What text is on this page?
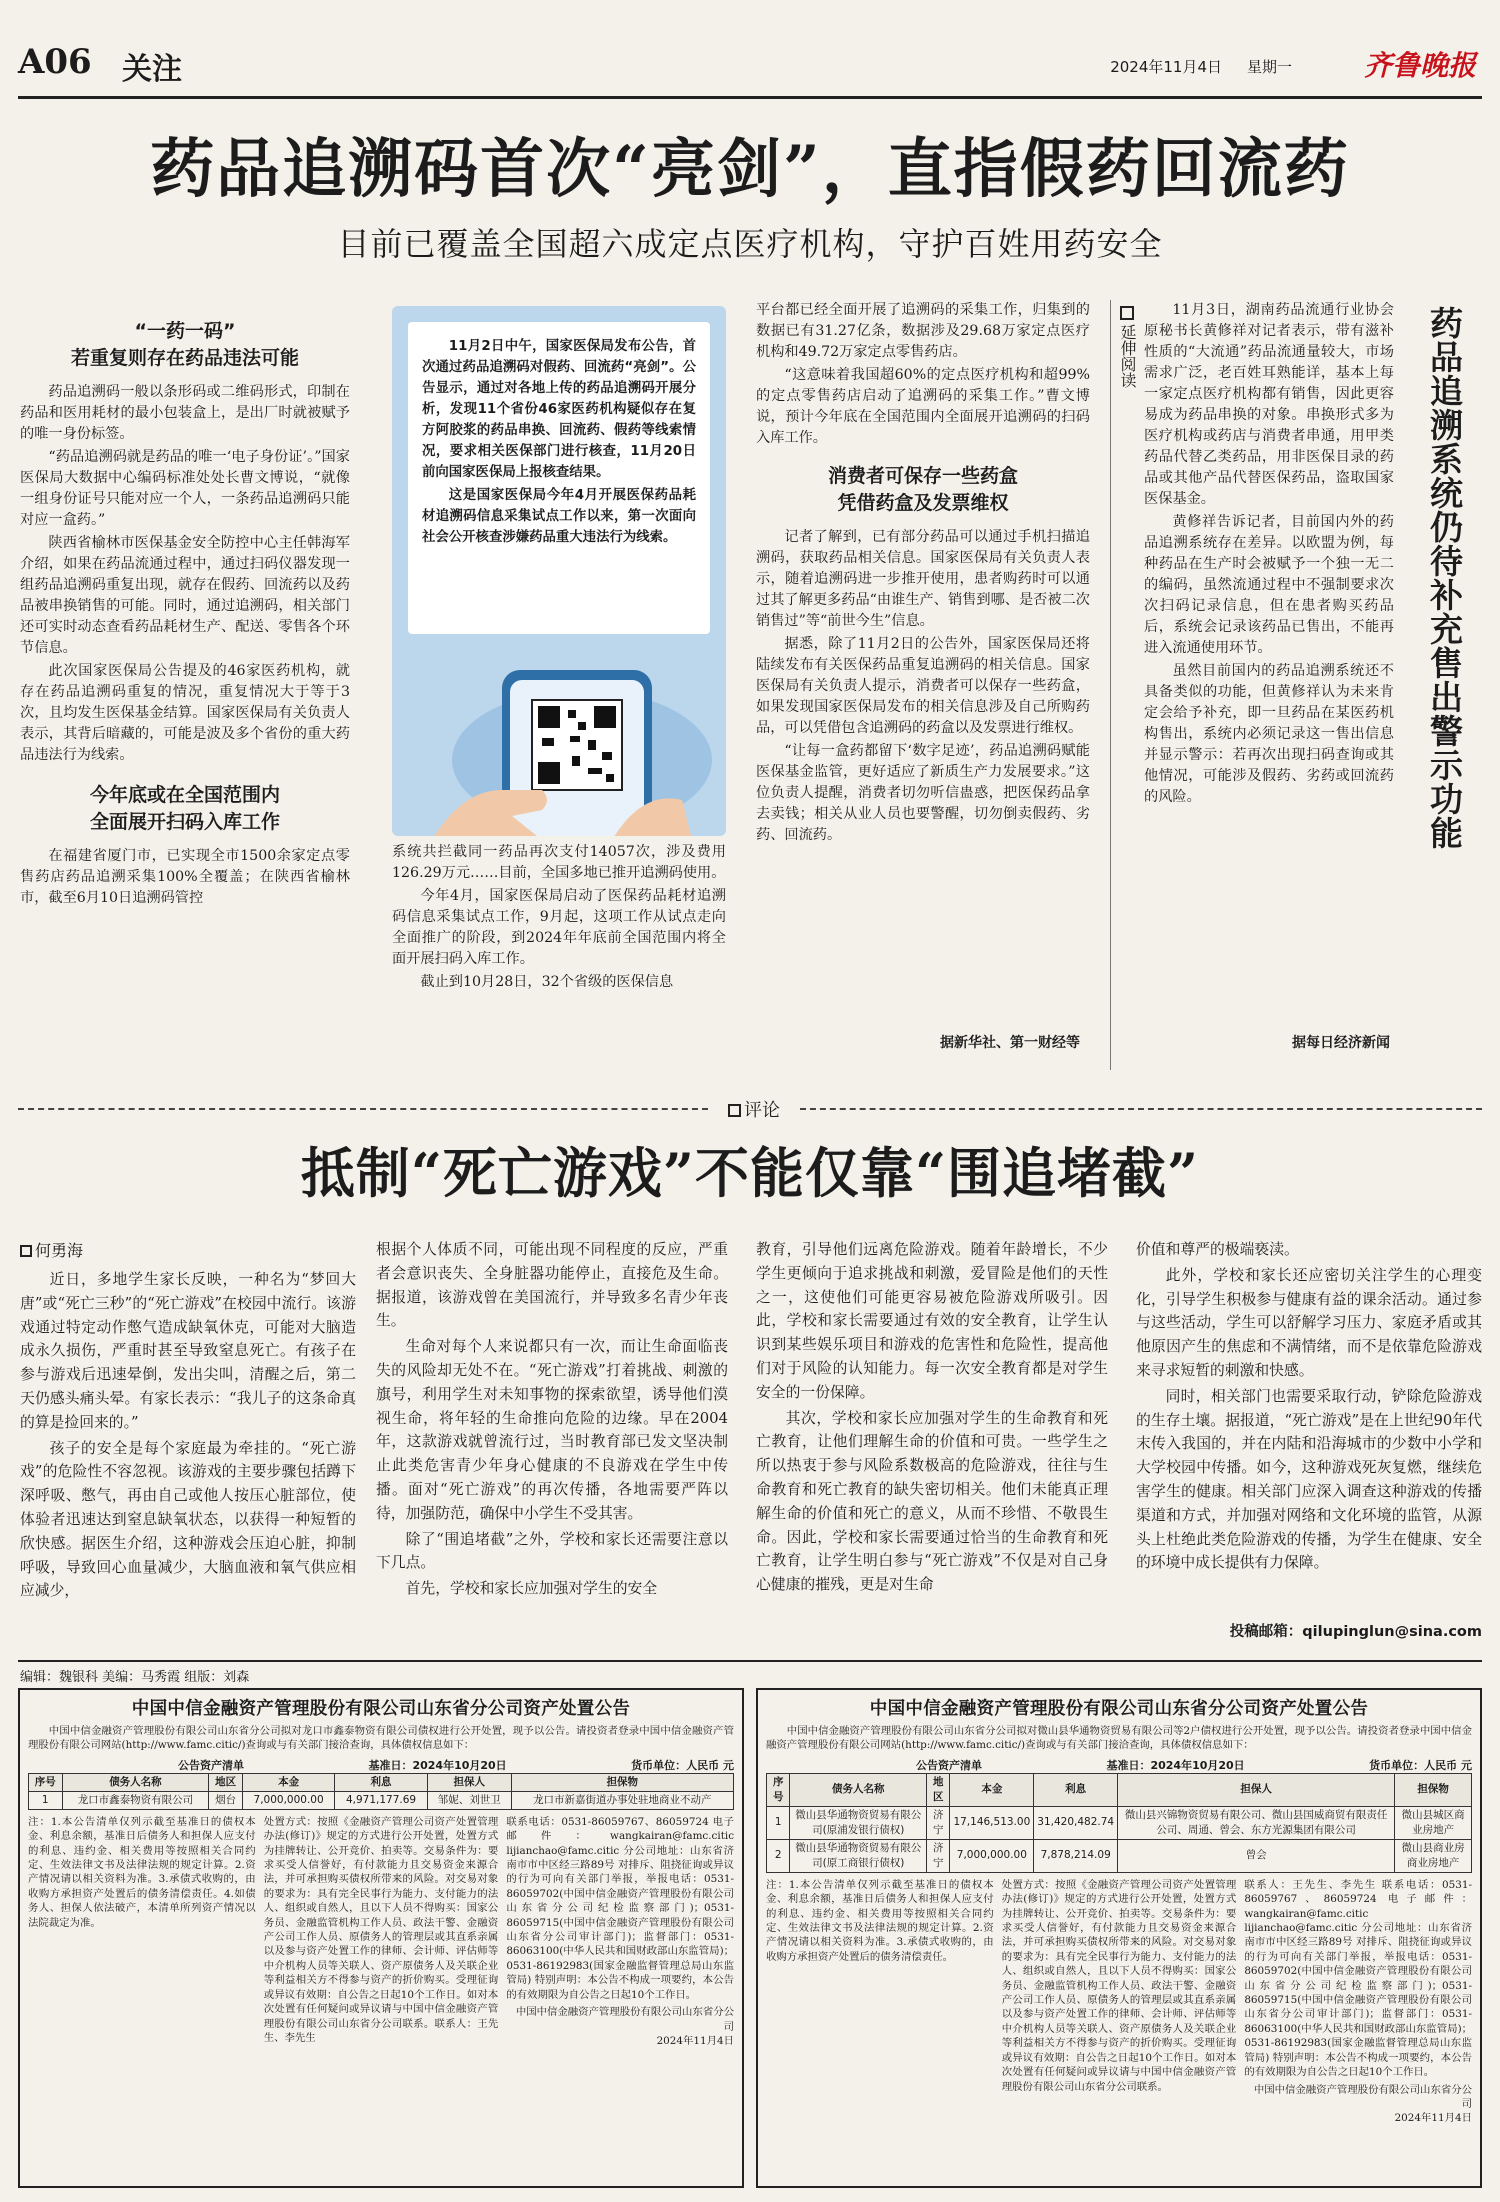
A06 关注	2024年11月4日 星期一	齐鲁晚报
药品追溯码首次“亮剑”，直指假药回流药
目前已覆盖全国超六成定点医疗机构，守护百姓用药安全
“一药一码”
若重复则存在药品违法可能

药品追溯码一般以条形码或二维码形式，印制在药品和医用耗材的最小包装盒上，是出厂时就被赋予的唯一身份标签。

“药品追溯码就是药品的唯一‘电子身份证’。”国家医保局大数据中心编码标准处处长曹文博说，“就像一组身份证号只能对应一个人，一条药品追溯码只能对应一盒药。”

陕西省榆林市医保基金安全防控中心主任韩海军介绍，如果在药品流通过程中，通过扫码仪器发现一组药品追溯码重复出现，就存在假药、回流药以及药品被串换销售的可能。同时，通过追溯码，相关部门还可实时动态查看药品耗材生产、配送、零售各个环节信息。

此次国家医保局公告提及的46家医药机构，就存在药品追溯码重复的情况，重复情况大于等于3次，且均发生医保基金结算。国家医保局有关负责人表示，其背后暗藏的，可能是波及多个省份的重大药品违法行为线索。

今年底或在全国范围内
全面展开扫码入库工作

在福建省厦门市，已实现全市1500余家定点零售药店药品追溯采集100%全覆盖；在陕西省榆林市，截至6月10日追溯码管控

11月2日中午，国家医保局发布公告，首次通过药品追溯码对假药、回流药“亮剑”。公告显示，通过对各地上传的药品追溯码开展分析，发现11个省份46家医药机构疑似存在复方阿胶浆的药品串换、回流药、假药等线索情况，要求相关医保部门进行核查，11月20日前向国家医保局上报核查结果。

这是国家医保局今年4月开展医保药品耗材追溯码信息采集试点工作以来，第一次面向社会公开核查涉嫌药品重大违法行为线索。

系统共拦截同一药品再次支付14057次，涉及费用126.29万元……目前，全国多地已推开追溯码使用。

今年4月，国家医保局启动了医保药品耗材追溯码信息采集试点工作，9月起，这项工作从试点走向全面推广的阶段，到2024年年底前全国范围内将全面开展扫码入库工作。

截止到10月28日，32个省级的医保信息

平台都已经全面开展了追溯码的采集工作，归集到的数据已有31.27亿条，数据涉及29.68万家定点医疗机构和49.72万家定点零售药店。

“这意味着我国超60%的定点医疗机构和超99%的定点零售药店启动了追溯码的采集工作。”曹文博说，预计今年底在全国范围内全面展开追溯码的扫码入库工作。

消费者可保存一些药盒
凭借药盒及发票维权

记者了解到，已有部分药品可以通过手机扫描追溯码，获取药品相关信息。国家医保局有关负责人表示，随着追溯码进一步推开使用，患者购药时可以通过其了解更多药品“由谁生产、销售到哪、是否被二次销售过”等“前世今生”信息。

据悉，除了11月2日的公告外，国家医保局还将陆续发布有关医保药品重复追溯码的相关信息。国家医保局有关负责人提示，消费者可以保存一些药盒，如果发现国家医保局发布的相关信息涉及自己所购药品，可以凭借包含追溯码的药盒以及发票进行维权。

“让每一盒药都留下‘数字足迹’，药品追溯码赋能医保基金监管，更好适应了新质生产力发展要求。”这位负责人提醒，消费者切勿听信蛊惑，把医保药品拿去卖钱；相关从业人员也要警醒，切勿倒卖假药、劣药、回流药。

据新华社、第一财经等
延伸阅读

11月3日，湖南药品流通行业协会原秘书长黄修祥对记者表示，带有滋补性质的“大流通”药品流通量较大，市场需求广泛，老百姓耳熟能详，基本上每一家定点医疗机构都有销售，因此更容易成为药品串换的对象。串换形式多为医疗机构或药店与消费者串通，用甲类药品代替乙类药品，用非医保目录的药品或其他产品代替医保药品，盗取国家医保基金。

黄修祥告诉记者，目前国内外的药品追溯系统存在差异。以欧盟为例，每种药品在生产时会被赋予一个独一无二的编码，虽然流通过程中不强制要求次次扫码记录信息，但在患者购买药品后，系统会记录该药品已售出，不能再进入流通使用环节。

虽然目前国内的药品追溯系统还不具备类似的功能，但黄修祥认为未来肯定会给予补充，即一旦药品在某医药机构售出，系统内必须记录这一售出信息并显示警示：若再次出现扫码查询或其他情况，可能涉及假药、劣药或回流药的风险。

据每日经济新闻
药品追溯系统仍待补充售出警示功能
评论
抵制“死亡游戏”不能仅靠“围追堵截”
何勇海

近日，多地学生家长反映，一种名为“梦回大唐”或“死亡三秒”的“死亡游戏”在校园中流行。该游戏通过特定动作憋气造成缺氧休克，可能对大脑造成永久损伤，严重时甚至导致窒息死亡。有孩子在参与游戏后迅速晕倒，发出尖叫，清醒之后，第二天仍感头痛头晕。有家长表示：“我儿子的这条命真的算是捡回来的。”

孩子的安全是每个家庭最为牵挂的。“死亡游戏”的危险性不容忽视。该游戏的主要步骤包括蹲下深呼吸、憋气，再由自己或他人按压心脏部位，使体验者迅速达到窒息缺氧状态，以获得一种短暂的欣快感。据医生介绍，这种游戏会压迫心脏，抑制呼吸，导致回心血量减少，大脑血液和氧气供应相应减少，

根据个人体质不同，可能出现不同程度的反应，严重者会意识丧失、全身脏器功能停止，直接危及生命。据报道，该游戏曾在美国流行，并导致多名青少年丧生。

生命对每个人来说都只有一次，而让生命面临丧失的风险却无处不在。“死亡游戏”打着挑战、刺激的旗号，利用学生对未知事物的探索欲望，诱导他们漠视生命，将年轻的生命推向危险的边缘。早在2004年，这款游戏就曾流行过，当时教育部已发文坚决制止此类危害青少年身心健康的不良游戏在学生中传播。面对“死亡游戏”的再次传播，各地需要严阵以待，加强防范，确保中小学生不受其害。

除了“围追堵截”之外，学校和家长还需要注意以下几点。

首先，学校和家长应加强对学生的安全

教育，引导他们远离危险游戏。随着年龄增长，不少学生更倾向于追求挑战和刺激，爱冒险是他们的天性之一，这使他们可能更容易被危险游戏所吸引。因此，学校和家长需要通过有效的安全教育，让学生认识到某些娱乐项目和游戏的危害性和危险性，提高他们对于风险的认知能力。每一次安全教育都是对学生安全的一份保障。

其次，学校和家长应加强对学生的生命教育和死亡教育，让他们理解生命的价值和可贵。一些学生之所以热衷于参与风险系数极高的危险游戏，往往与生命教育和死亡教育的缺失密切相关。他们未能真正理解生命的价值和死亡的意义，从而不珍惜、不敬畏生命。因此，学校和家长需要通过恰当的生命教育和死亡教育，让学生明白参与“死亡游戏”不仅是对自己身心健康的摧残，更是对生命

价值和尊严的极端亵渎。

此外，学校和家长还应密切关注学生的心理变化，引导学生积极参与健康有益的课余活动。通过参与这些活动，学生可以舒解学习压力、家庭矛盾或其他原因产生的焦虑和不满情绪，而不是依靠危险游戏来寻求短暂的刺激和快感。

同时，相关部门也需要采取行动，铲除危险游戏的生存土壤。据报道，“死亡游戏”是在上世纪90年代末传入我国的，并在内陆和沿海城市的少数中小学和大学校园中传播。如今，这种游戏死灰复燃，继续危害学生的健康。相关部门应深入调查这种游戏的传播渠道和方式，并加强对网络和文化环境的监管，从源头上杜绝此类危险游戏的传播，为学生在健康、安全的环境中成长提供有力保障。

投稿邮箱：qilupinglun@sina.com
编辑：魏银科 美编：马秀霞 组版：刘森
中国中信金融资产管理股份有限公司山东省分公司资产处置公告

中国中信金融资产管理股份有限公司山东省分公司拟对龙口市鑫泰物资有限公司债权进行公开处置，现予以公告。请投资者登录中国中信金融资产管理股份有限公司网站(http://www.famc.citic/)查询或与有关部门接洽查询，具体债权信息如下：

公告资产清单	基准日：2024年10月20日	货币单位：人民币 元
序号	债务人名称	地区	本金	利息	担保人	担保物
1	龙口市鑫泰物资有限公司	烟台	7,000,000.00	4,971,177.69	邹妮、刘世卫	龙口市新嘉街道办事处驻地商业不动产

注：1.本公告清单仅列示截至基准日的债权本金、利息余额，基准日后债务人和担保人应支付的利息、违约金、相关费用等按照相关合同约定、生效法律文书及法律法规的规定计算。2.资产情况请以相关资料为准。3.承债式收购的，由收购方承担资产处置后的债务清偿责任。4.如债务人、担保人依法破产，本清单所列资产情况以法院裁定为准。

处置方式：按照《金融资产管理公司资产处置管理办法(修订)》规定的方式进行公开处置，处置方式为挂牌转让、公开竞价、拍卖等。交易条件为：要求买受人信誉好，有付款能力且交易资金来源合法，并可承担购买债权所带来的风险。对交易对象的要求为：具有完全民事行为能力、支付能力的法人、组织或自然人，且以下人员不得购买：国家公务员、金融监管机构工作人员、政法干警、金融资产公司工作人员、原债务人的管理层或其直系亲属以及参与资产处置工作的律师、会计师、评估师等中介机构人员等关联人、资产原债务人及关联企业等利益相关方不得参与资产的折价购买。受理征询或异议有效期：自公告之日起10个工作日。如对本次处置有任何疑问或异议请与中国中信金融资产管理股份有限公司山东省分公司联系。联系人：王先生、李先生

联系电话：0531-86059767、86059724 电子邮件：wangkairan@famc.citic lijianchao@famc.citic 分公司地址：山东省济南市市中区经三路89号 对排斥、阻挠征询或异议的行为可向有关部门举报，举报电话：0531-86059702(中国中信金融资产管理股份有限公司山东省分公司纪检监察部门)；0531-86059715(中国中信金融资产管理股份有限公司山东省分公司审计部门)；监督部门：0531-86063100(中华人民共和国财政部山东监管局)；0531-86192983(国家金融监督管理总局山东监管局) 特别声明：本公告不构成一项要约，本公告的有效期限为自公告之日起10个工作日。

中国中信金融资产管理股份有限公司山东省分公司

2024年11月4日

中国中信金融资产管理股份有限公司山东省分公司资产处置公告

中国中信金融资产管理股份有限公司山东省分公司拟对微山县华通物资贸易有限公司等2户债权进行公开处置，现予以公告。请投资者登录中国中信金融资产管理股份有限公司网站(http://www.famc.citic/)查询或与有关部门接洽查询，具体债权信息如下：

公告资产清单	基准日：2024年10月20日	货币单位：人民币 元
序号	债务人名称	地区	本金	利息	担保人	担保物
1	微山县华通物资贸易有限公司(原浦发银行债权)	济宁	17,146,513.00	31,420,482.74	微山县兴锦物资贸易有限公司、微山县国威商贸有限责任公司、周通、曾会、东方光源集团有限公司	微山县城区商业房地产
2	微山县华通物资贸易有限公司(原工商银行债权)	济宁	7,000,000.00	7,878,214.09	曾会	微山县商业房商业房地产

注：1.本公告清单仅列示截至基准日的债权本金、利息余额，基准日后债务人和担保人应支付的利息、违约金、相关费用等按照相关合同约定、生效法律文书及法律法规的规定计算。2.资产情况请以相关资料为准。3.承债式收购的，由收购方承担资产处置后的债务清偿责任。

处置方式：按照《金融资产管理公司资产处置管理办法(修订)》规定的方式进行公开处置，处置方式为挂牌转让、公开竞价、拍卖等。交易条件为：要求买受人信誉好，有付款能力且交易资金来源合法，并可承担购买债权所带来的风险。对交易对象的要求为：具有完全民事行为能力、支付能力的法人、组织或自然人，且以下人员不得购买：国家公务员、金融监管机构工作人员、政法干警、金融资产公司工作人员、原债务人的管理层或其直系亲属以及参与资产处置工作的律师、会计师、评估师等中介机构人员等关联人、资产原债务人及关联企业等利益相关方不得参与资产的折价购买。受理征询或异议有效期：自公告之日起10个工作日。如对本次处置有任何疑问或异议请与中国中信金融资产管理股份有限公司山东省分公司联系。

联系人：王先生、李先生 联系电话：0531-86059767、86059724 电子邮件：wangkairan@famc.citic lijianchao@famc.citic 分公司地址：山东省济南市市中区经三路89号 对排斥、阻挠征询或异议的行为可向有关部门举报，举报电话：0531-86059702(中国中信金融资产管理股份有限公司山东省分公司纪检监察部门)；0531-86059715(中国中信金融资产管理股份有限公司山东省分公司审计部门)；监督部门：0531-86063100(中华人民共和国财政部山东监管局)；0531-86192983(国家金融监督管理总局山东监管局) 特别声明：本公告不构成一项要约，本公告的有效期限为自公告之日起10个工作日。

中国中信金融资产管理股份有限公司山东省分公司

2024年11月4日
